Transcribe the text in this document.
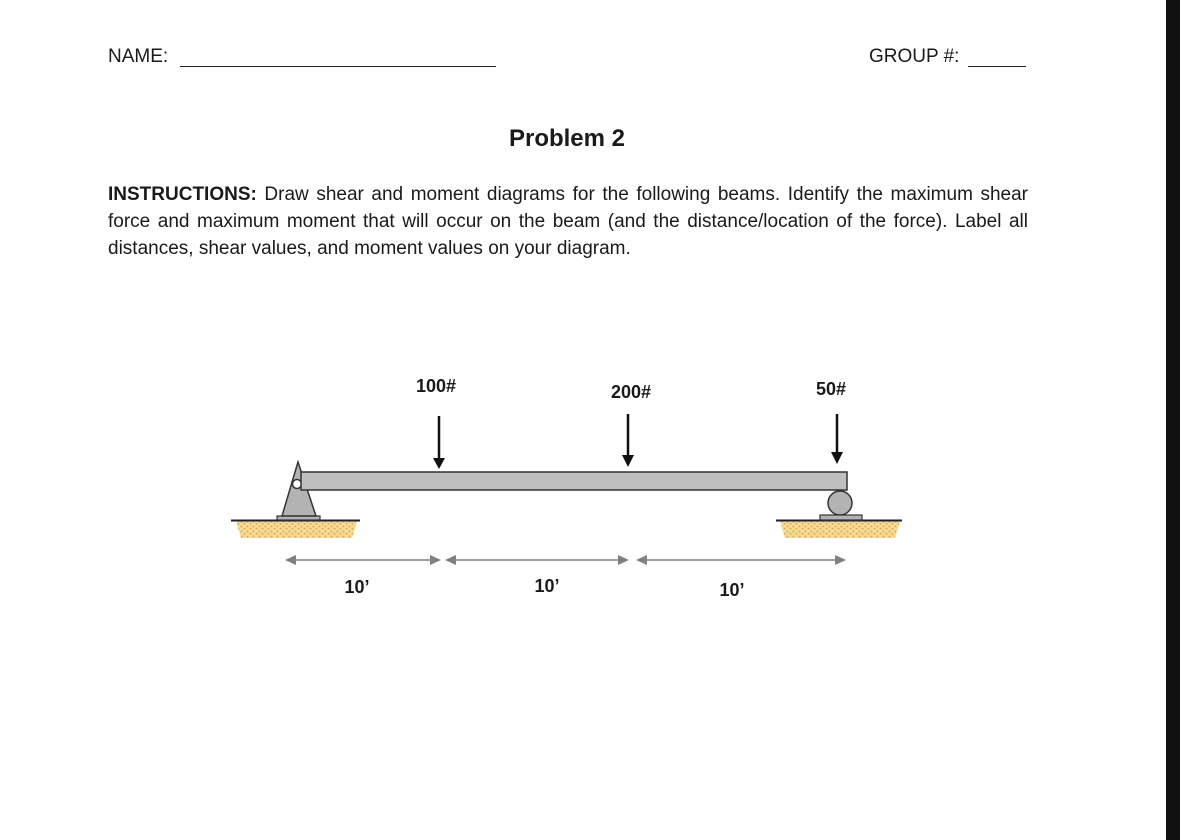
NAME:	GROUP #:
Problem 2
INSTRUCTIONS: Draw shear and moment diagrams for the following beams. Identify the maximum shear force and maximum moment that will occur on the beam (and the distance/location of the force). Label all distances, shear values, and moment values on your diagram.
100#	200#	50#
10’	10’	10’
